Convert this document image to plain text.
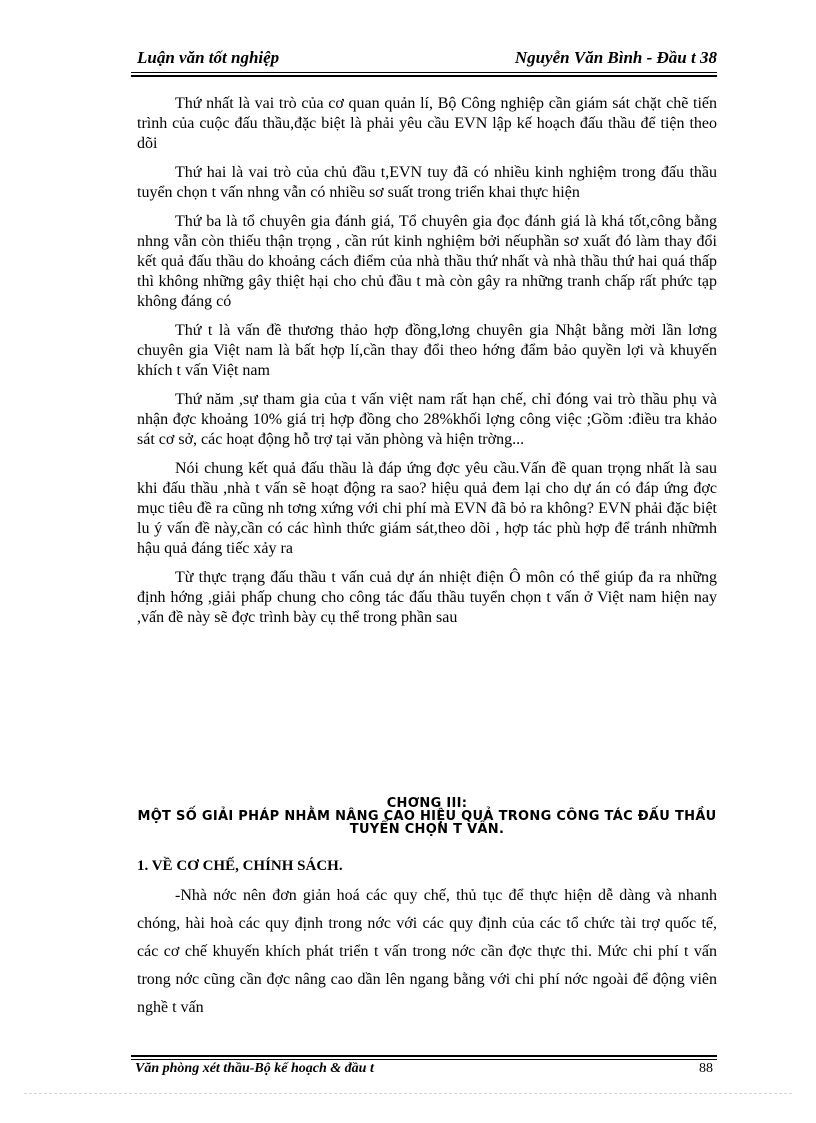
Luận văn tốt nghiệp	Nguyễn Văn Bình - Đầu t 38

Thứ nhất là vai trò của cơ quan quản lí, Bộ Công nghiệp cần giám sát chặt chẽ tiến trình của cuộc đấu thầu,đặc biệt là phải yêu cầu EVN lập kế hoạch đấu thầu để tiện theo dõi

Thứ hai là vai trò của chủ đầu t,EVN tuy đã có nhiều kinh nghiệm trong đấu thầu tuyển chọn t vấn nhng vẫn có nhiều sơ suất trong triển khai thực hiện

Thứ ba là tổ chuyên gia đánh giá, Tổ chuyên gia đọc đánh giá là khá tốt,công bằng nhng vẫn còn thiếu thận trọng , cần rút kinh nghiệm bởi nếuphần sơ xuất đó làm thay đổi kết quả đấu thầu do khoảng cách điểm của nhà thầu thứ nhất và nhà thầu thứ hai quá thấp thì không những gây thiệt hại cho chủ đầu t mà còn gây ra những tranh chấp rất phức tạp không đáng có

Thứ t là vấn đề thương thảo hợp đồng,lơng chuyên gia Nhật bằng mời lần lơng chuyên gia Việt nam là bất hợp lí,cần thay đổi theo hớng đẩm bảo quyền lợi và khuyến khích t vấn Việt nam

Thứ năm ,sự tham gia của t vấn việt nam rất hạn chế, chỉ đóng vai trò thầu phụ và nhận đợc khoảng 10% giá trị hợp đồng cho 28%khối lợng công việc ;Gồm :điều tra khảo sát cơ sở, các hoạt động hỗ trợ tại văn phòng và hiện trờng...

Nói chung kết quả đấu thầu là đáp ứng đợc yêu cầu.Vấn đề quan trọng nhất là sau khi đấu thầu ,nhà t vấn sẽ hoạt động ra sao? hiệu quả đem lại cho dự án có đáp ứng đợc mục tiêu đề ra cũng nh tơng xứng với chi phí mà EVN đã bỏ ra không? EVN phải đặc biệt lu ý vấn đề này,cần có các hình thức giám sát,theo dõi , hợp tác phù hợp để tránh nhữmh hậu quả đáng tiếc xảy ra

Từ thực trạng đấu thầu t vấn cuả dự án nhiệt điện Ô môn có thể giúp đa ra những định hớng ,giải phấp chung cho công tác đấu thầu tuyển chọn t vấn ở Việt nam hiện nay ,vấn đề này sẽ đợc trình bày cụ thể trong phần sau

CHƠNG III:
MỘT SỐ GIẢI PHÁP NHẰM NÂNG CAO HIỆU QUẢ TRONG CÔNG TÁC ĐẤU THẦU TUYỂN CHỌN T VẤN.
1. VỀ CƠ CHẾ, CHÍNH SÁCH.

-Nhà nớc nên đơn giản hoá các quy chế, thủ tục để thực hiện dễ dàng và nhanh chóng, hài hoà các quy định trong nớc với các quy định của các tổ chức tài trợ quốc tế, các cơ chế khuyến khích phát triển t vấn trong nớc cần đợc thực thi. Mức chi phí t vấn trong nớc cũng cần đợc nâng cao dần lên ngang bằng với chi phí nớc ngoài để động viên nghề t vấn

Văn phòng xét thầu-Bộ kế hoạch & đầu t	88
